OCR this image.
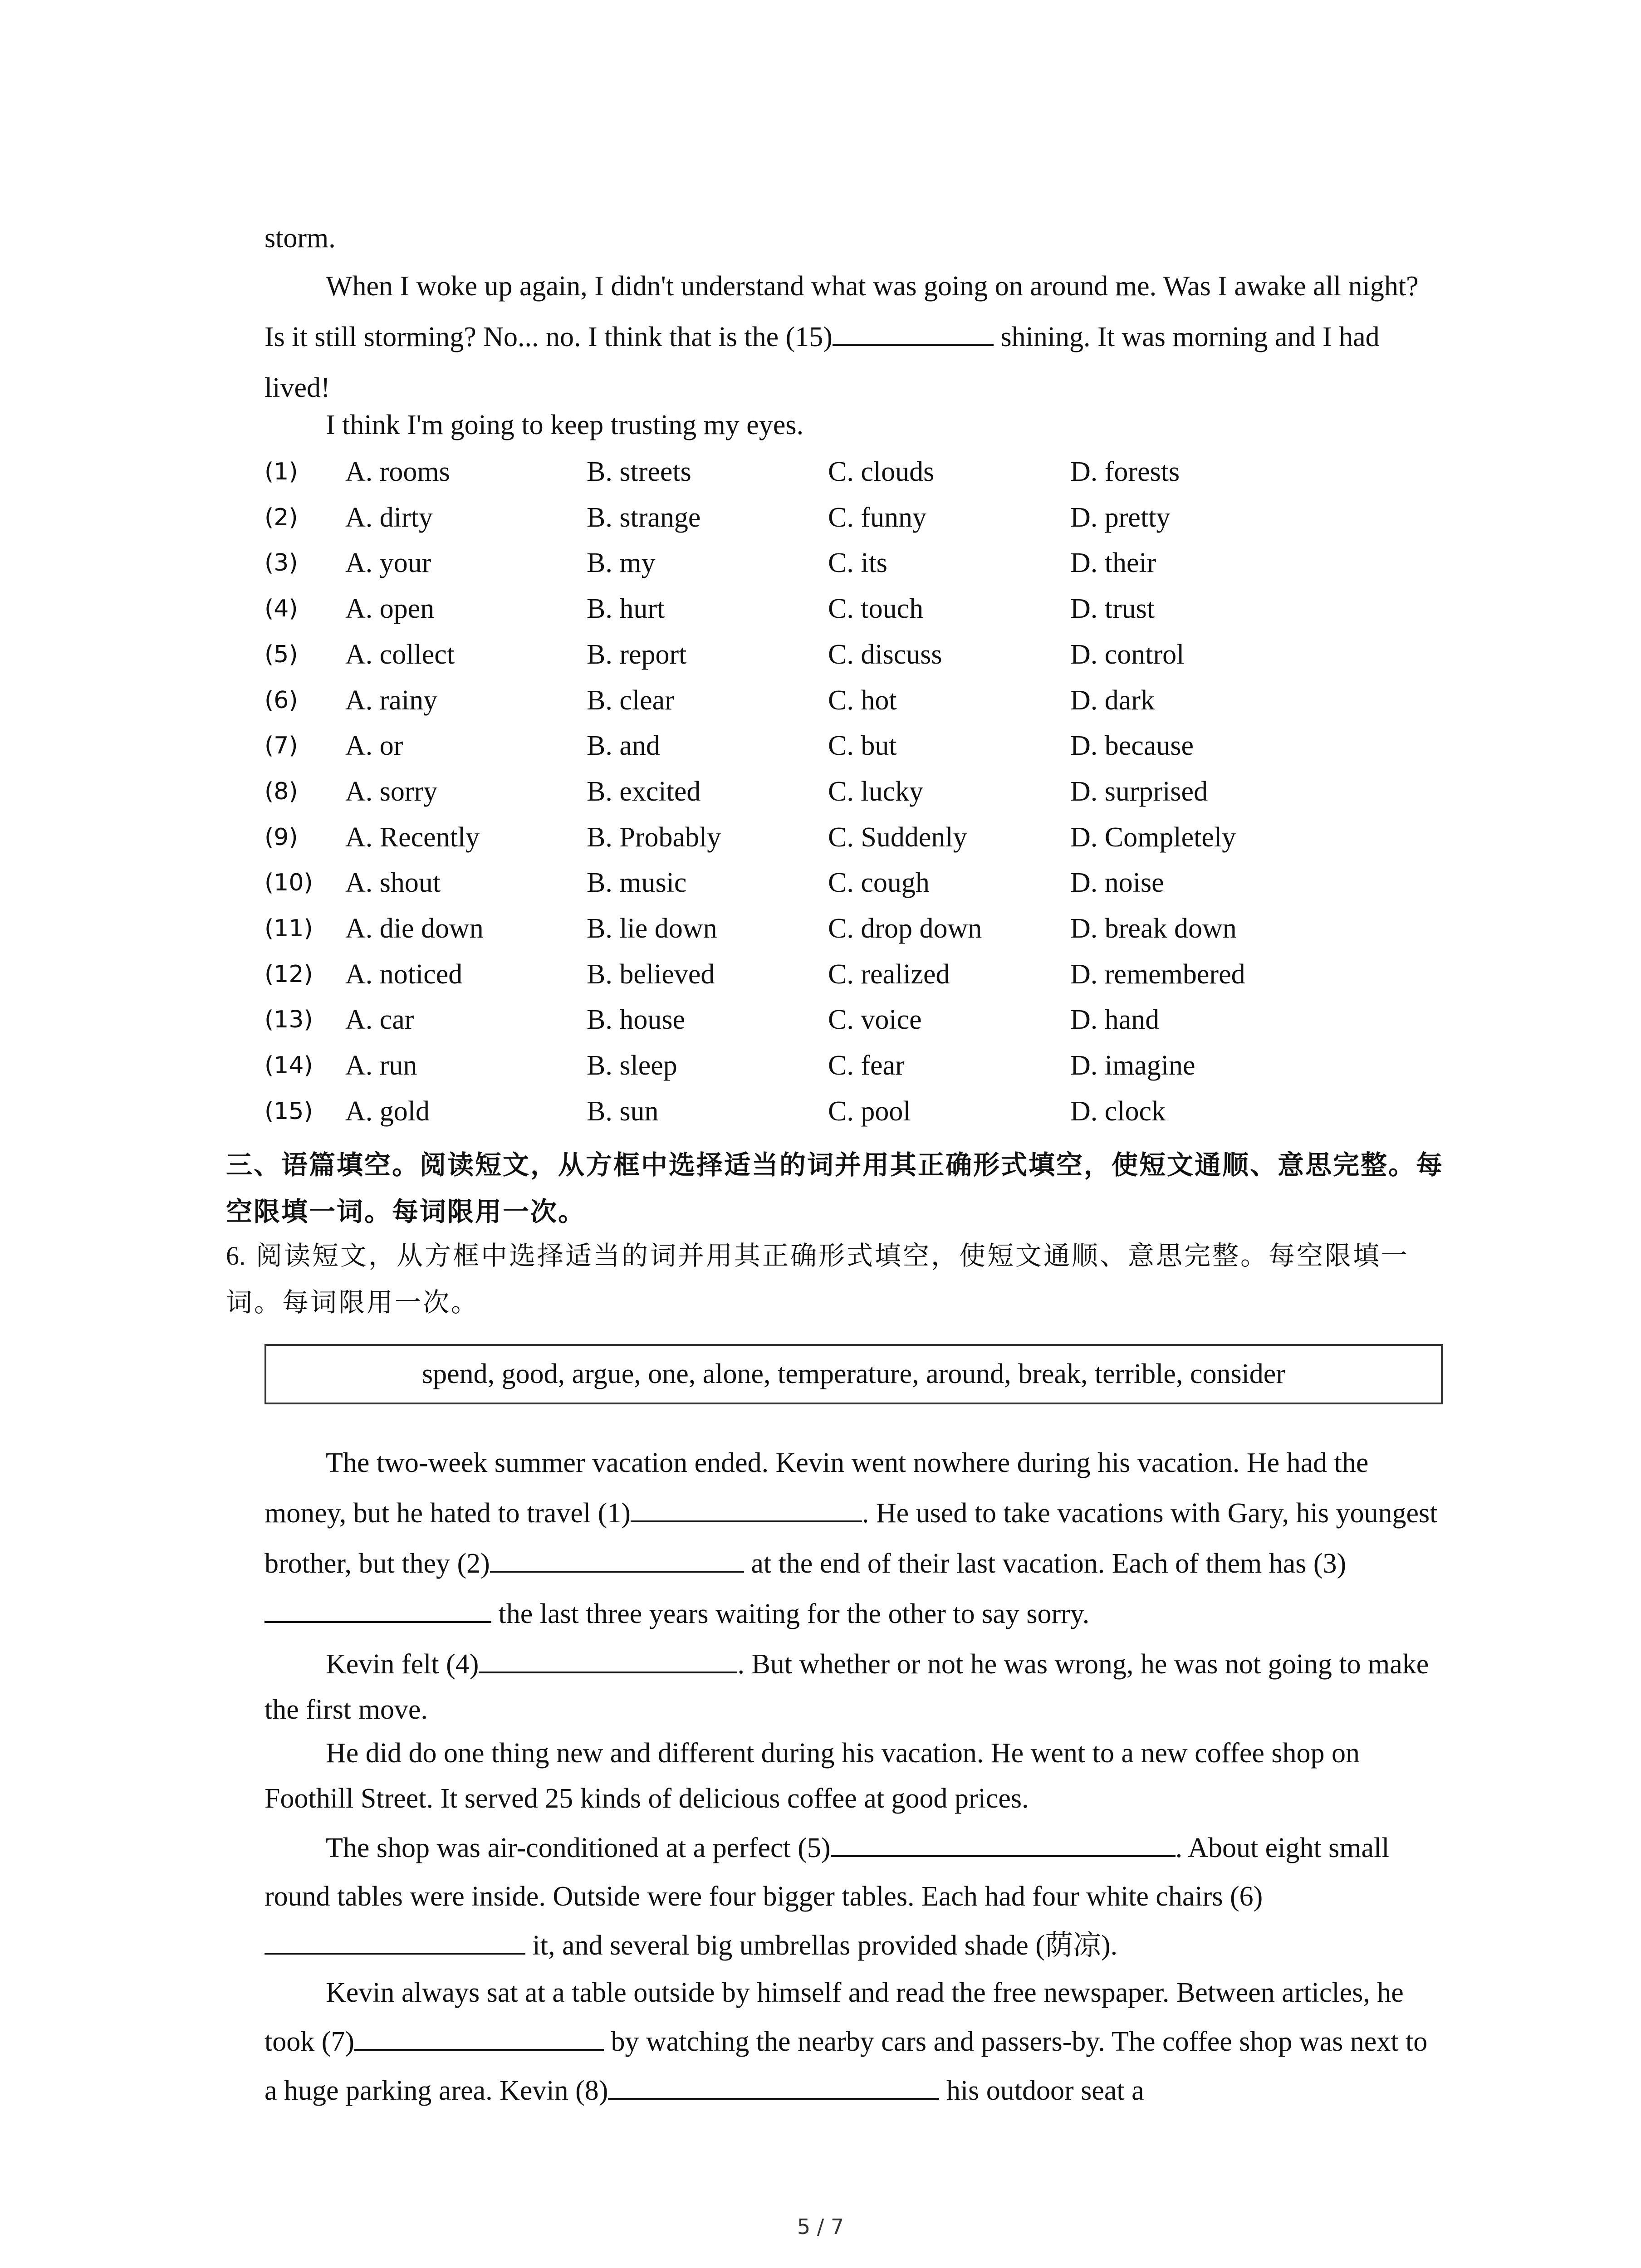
storm.
When I woke up again, I didn't understand what was going on around me. Was I awake all night? Is it still storming? No... no. I think that is the (15)	shining. It was morning and I had lived!
I think I'm going to keep trusting my eyes.
(1) A. rooms	B. streets	C. clouds	D. forests
(2) A. dirty	B. strange	C. funny	D. pretty
(3) A. your	B. my	C. its	D. their
(4) A. open	B. hurt	C. touch	D. trust
(5) A. collect	B. report	C. discuss	D. control
(6) A. rainy	B. clear	C. hot	D. dark
(7) A. or	B. and	C. but	D. because
(8) A. sorry	B. excited	C. lucky	D. surprised
(9) A. Recently	B. Probably	C. Suddenly	D. Completely
(10) A. shout	B. music	C. cough	D. noise
(11) A. die down	B. lie down	C. drop down	D. break down
(12) A. noticed	B. believed	C. realized	D. remembered
(13) A. car	B. house	C. voice	D. hand
(14) A. run	B. sleep	C. fear	D. imagine
(15) A. gold	B. sun	C. pool	D. clock
三、语篇填空。阅读短文，从方框中选择适当的词并用其正确形式填空，使短文通顺、意思完整。每空限填一词。每词限用一次。
6. 阅读短文，从方框中选择适当的词并用其正确形式填空，使短文通顺、意思完整。每空限填一词。每词限用一次。
spend, good, argue, one, alone, temperature, around, break, terrible, consider
The two-week summer vacation ended. Kevin went nowhere during his vacation. He had the money, but he hated to travel (1)	. He used to take vacations with Gary, his youngest brother, but they (2)	at the end of their last vacation. Each of them has (3) the last three years waiting for the other to say sorry.
Kevin felt (4)	. But whether or not he was wrong, he was not going to make the first move.
He did do one thing new and different during his vacation. He went to a new coffee shop on Foothill Street. It served 25 kinds of delicious coffee at good prices.
The shop was air-conditioned at a perfect (5)	. About eight small round tables were inside. Outside were four bigger tables. Each had four white chairs (6) it, and several big umbrellas provided shade (荫凉).
Kevin always sat at a table outside by himself and read the free newspaper. Between articles, he took (7)	by watching the nearby cars and passers-by. The coffee shop was next to a huge parking area. Kevin (8)	his outdoor seat a
5 / 7
